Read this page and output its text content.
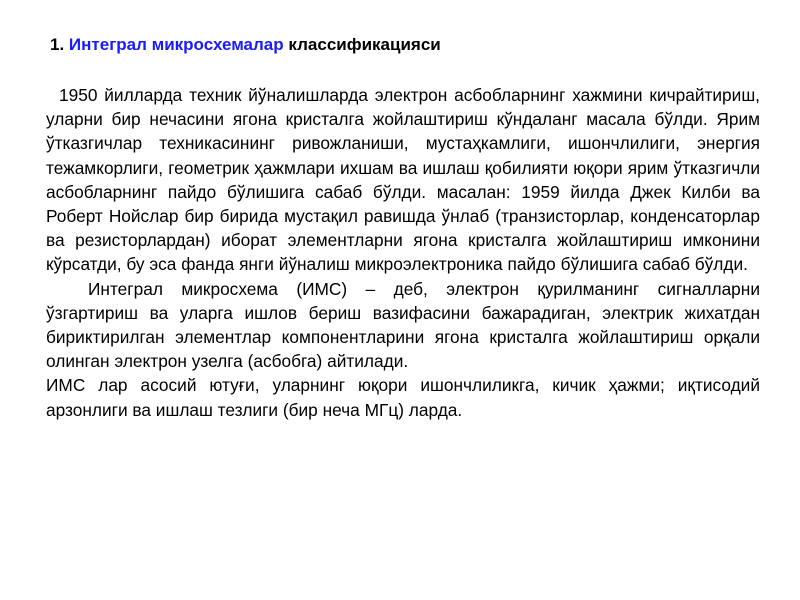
1. Интеграл микросхемалар классификацияси

1950 йилларда техник йўналишларда электрон асбобларнинг хажмини кичрайтириш, уларни бир нечасини ягона кристалга жойлаштириш кўндаланг масала бўлди. Ярим ўтказгичлар техникасининг ривожланиши, мустаҳкамлиги, ишончлилиги, энергия тежамкорлиги, геометрик ҳажмлари ихшам ва ишлаш қобилияти юқори ярим ўтказгичли асбобларнинг пайдо бўлишига сабаб бўлди. масалан: 1959 йилда Джек Килби ва Роберт Нойслар бир бирида мустақил равишда ўнлаб (транзисторлар, конденсаторлар ва резисторлардан) иборат элементларни ягона кристалга жойлаштириш имконини кўрсатди, бу эса фанда янги йўналиш микроэлектроника пайдо бўлишига сабаб бўлди.

Интеграл микросхема (ИМС) – деб, электрон қурилманинг сигналларни ўзгартириш ва уларга ишлов бериш вазифасини бажарадиган, электрик жихатдан бириктирилган элементлар компонентларини ягона кристалга жойлаштириш орқали олинган электрон узелга (асбобга) айтилади.

ИМС лар асосий ютуғи, уларнинг юқори ишончлиликга, кичик ҳажми; иқтисодий арзонлиги ва ишлаш тезлиги (бир неча МГц) ларда.
